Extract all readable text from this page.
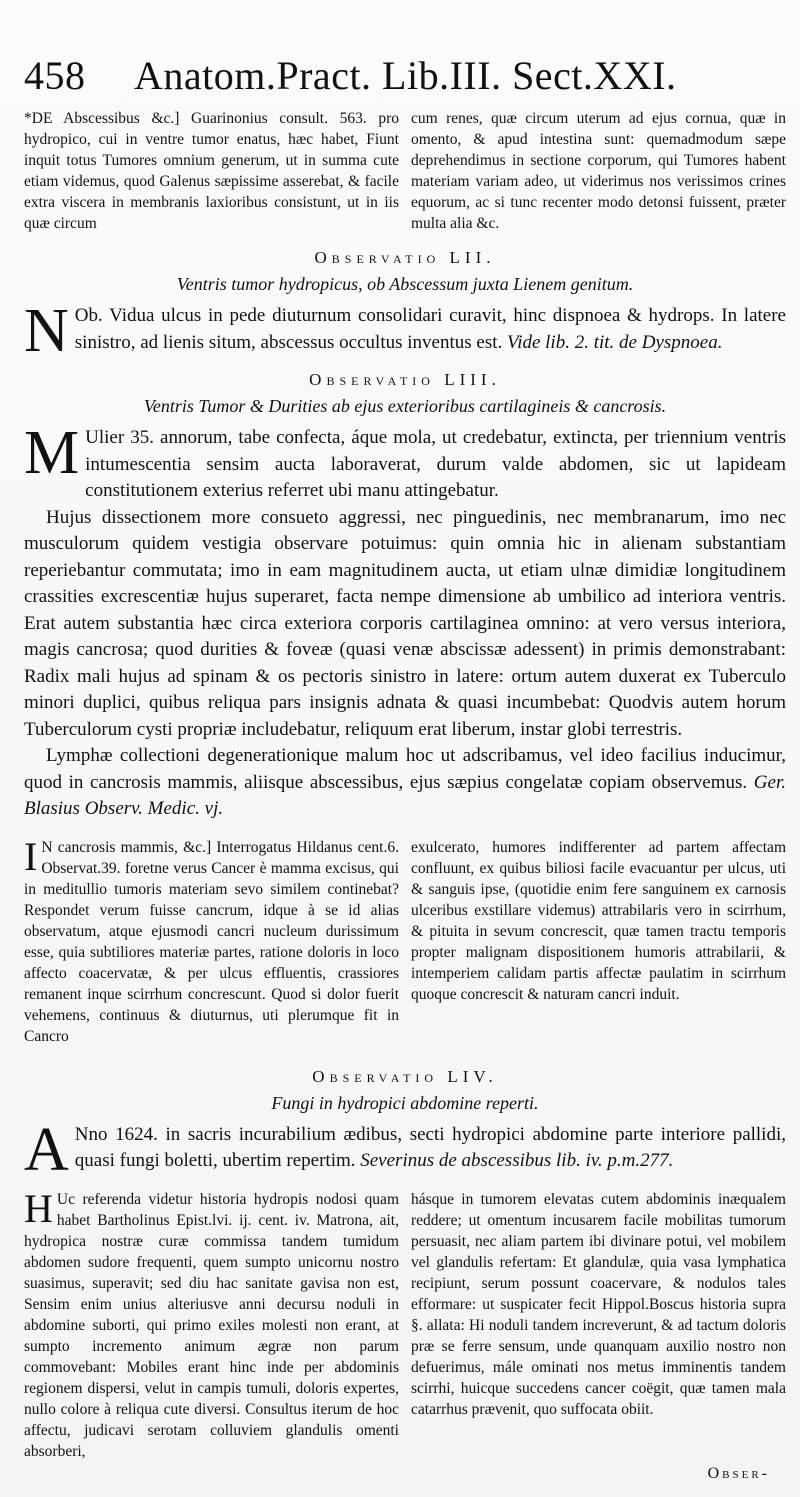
458	Anatom.Pract. Lib.III. Sect.XXI.

*DE Abscessibus &c.] Guarinonius consult. 563. pro hydropico, cui in ventre tumor enatus, hæc habet, Fiunt inquit totus Tumores omnium generum, ut in summa cute etiam videmus, quod Galenus sæpissime asserebat, & facile extra viscera in membranis laxioribus consistunt, ut in iis quæ circum

cum renes, quæ circum uterum ad ejus cornua, quæ in omento, & apud intestina sunt: quemadmodum sæpe deprehendimus in sectione corporum, qui Tumores habent materiam variam adeo, ut viderimus nos verissimos crines equorum, ac si tunc recenter modo detonsi fuissent, præter multa alia &c.

Observatio LII.
Ventris tumor hydropicus, ob Abscessum juxta Lienem genitum.

N Ob. Vidua ulcus in pede diuturnum consolidari curavit, hinc dispnoea & hydrops. In latere sinistro, ad lienis situm, abscessus occultus inventus est. Vide lib. 2. tit. de Dyspnoea.

Observatio LIII.
Ventris Tumor & Durities ab ejus exterioribus cartilagineis & cancrosis.

M Ulier 35. annorum, tabe confecta, áque mola, ut credebatur, extincta, per triennium ventris intumescentia sensim aucta laboraverat, durum valde abdomen, sic ut lapideam constitutionem exterius referret ubi manu attingebatur.

Hujus dissectionem more consueto aggressi, nec pinguedinis, nec membranarum, imo nec musculorum quidem vestigia observare potuimus: quin omnia hic in alienam substantiam reperiebantur commutata; imo in eam magnitudinem aucta, ut etiam ulnæ dimidiæ longitudinem crassities excrescentiæ hujus superaret, facta nempe dimensione ab umbilico ad interiora ventris. Erat autem substantia hæc circa exteriora corporis cartilaginea omnino: at vero versus interiora, magis cancrosa; quod durities & foveæ (quasi venæ abscissæ adessent) in primis demonstrabant: Radix mali hujus ad spinam & os pectoris sinistro in latere: ortum autem duxerat ex Tuberculo minori duplici, quibus reliqua pars insignis adnata & quasi incumbebat: Quodvis autem horum Tuberculorum cysti propriæ includebatur, reliquum erat liberum, instar globi terrestris.

Lymphæ collectioni degenerationique malum hoc ut adscribamus, vel ideo facilius inducimur, quod in cancrosis mammis, aliisque abscessibus, ejus sæpius congelatæ copiam observemus. Ger. Blasius Observ. Medic. vj.

I N cancrosis mammis, &c.] Interrogatus Hildanus cent.6. Observat.39. foretne verus Cancer è mamma excisus, qui in meditullio tumoris materiam sevo similem continebat? Respondet verum fuisse cancrum, idque à se id alias observatum, atque ejusmodi cancri nucleum durissimum esse, quia subtiliores materiæ partes, ratione doloris in loco affecto coacervatæ, & per ulcus effluentis, crassiores remanent inque scirrhum concrescunt. Quod si dolor fuerit vehemens, continuus & diuturnus, uti plerumque fit in Cancro

exulcerato, humores indifferenter ad partem affectam confluunt, ex quibus biliosi facile evacuantur per ulcus, uti & sanguis ipse, (quotidie enim fere sanguinem ex carnosis ulceribus exstillare videmus) attrabilaris vero in scirrhum, & pituita in sevum concrescit, quæ tamen tractu temporis propter malignam dispositionem humoris attrabilarii, & intemperiem calidam partis affectæ paulatim in scirrhum quoque concrescit & naturam cancri induit.

Observatio LIV.
Fungi in hydropici abdomine reperti.

A Nno 1624. in sacris incurabilium ædibus, secti hydropici abdomine parte interiore pallidi, quasi fungi boletti, ubertim repertim. Severinus de abscessibus lib. iv. p.m.277.

H Uc referenda videtur historia hydropis nodosi quam habet Bartholinus Epist.lvi. ij. cent. iv. Matrona, ait, hydropica nostræ curæ commissa tandem tumidum abdomen sudore frequenti, quem sumpto unicornu nostro suasimus, superavit; sed diu hac sanitate gavisa non est, Sensim enim unius alteriusve anni decursu noduli in abdomine suborti, qui primo exiles molesti non erant, at sumpto incremento animum ægræ non parum commovebant: Mobiles erant hinc inde per abdominis regionem dispersi, velut in campis tumuli, doloris expertes, nullo colore à reliqua cute diversi. Consultus iterum de hoc affectu, judicavi serotam colluviem glandulis omenti absorberi,

hásque in tumorem elevatas cutem abdominis inæqualem reddere; ut omentum incusarem facile mobilitas tumorum persuasit, nec aliam partem ibi divinare potui, vel mobilem vel glandulis refertam: Et glandulæ, quia vasa lymphatica recipiunt, serum possunt coacervare, & nodulos tales efformare: ut suspicater fecit Hippol.Boscus historia supra §. allata: Hi noduli tandem increverunt, & ad tactum doloris præ se ferre sensum, unde quanquam auxilio nostro non defuerimus, mále ominati nos metus imminentis tandem scirrhi, huicque succedens cancer coëgit, quæ tamen mala catarrhus prævenit, quo suffocata obiit.

Obser-
